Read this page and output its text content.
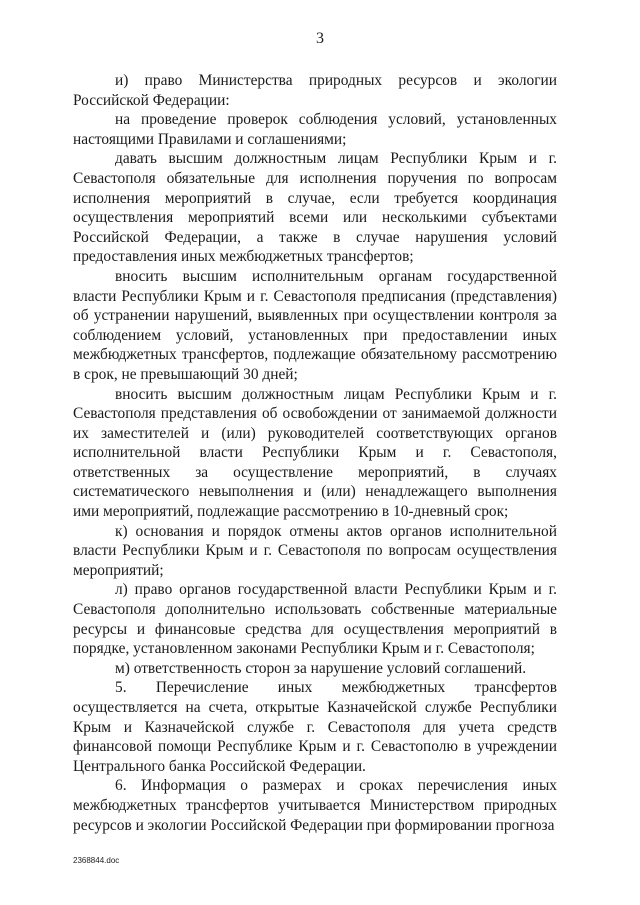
3

и) право Министерства природных ресурсов и экологии Российской Федерации:

на проведение проверок соблюдения условий, установленных настоящими Правилами и соглашениями;

давать высшим должностным лицам Республики Крым и г. Севастополя обязательные для исполнения поручения по вопросам исполнения мероприятий в случае, если требуется координация осуществления мероприятий всеми или несколькими субъектами Российской Федерации, а также в случае нарушения условий предоставления иных межбюджетных трансфертов;

вносить высшим исполнительным органам государственной власти Республики Крым и г. Севастополя предписания (представления) об устранении нарушений, выявленных при осуществлении контроля за соблюдением условий, установленных при предоставлении иных межбюджетных трансфертов, подлежащие обязательному рассмотрению в срок, не превышающий 30 дней;

вносить высшим должностным лицам Республики Крым и г. Севастополя представления об освобождении от занимаемой должности их заместителей и (или) руководителей соответствующих органов исполнительной власти Республики Крым и г. Севастополя, ответственных за осуществление мероприятий, в случаях систематического невыполнения и (или) ненадлежащего выполнения ими мероприятий, подлежащие рассмотрению в 10-дневный срок;

к) основания и порядок отмены актов органов исполнительной власти Республики Крым и г. Севастополя по вопросам осуществления мероприятий;

л) право органов государственной власти Республики Крым и г. Севастополя дополнительно использовать собственные материальные ресурсы и финансовые средства для осуществления мероприятий в порядке, установленном законами Республики Крым и г. Севастополя;

м) ответственность сторон за нарушение условий соглашений.

5. Перечисление иных межбюджетных трансфертов осуществляется на счета, открытые Казначейской службе Республики Крым и Казначейской службе г. Севастополя для учета средств финансовой помощи Республике Крым и г. Севастополю в учреждении Центрального банка Российской Федерации.

6. Информация о размерах и сроках перечисления иных межбюджетных трансфертов учитывается Министерством природных ресурсов и экологии Российской Федерации при формировании прогноза

2368844.doc
